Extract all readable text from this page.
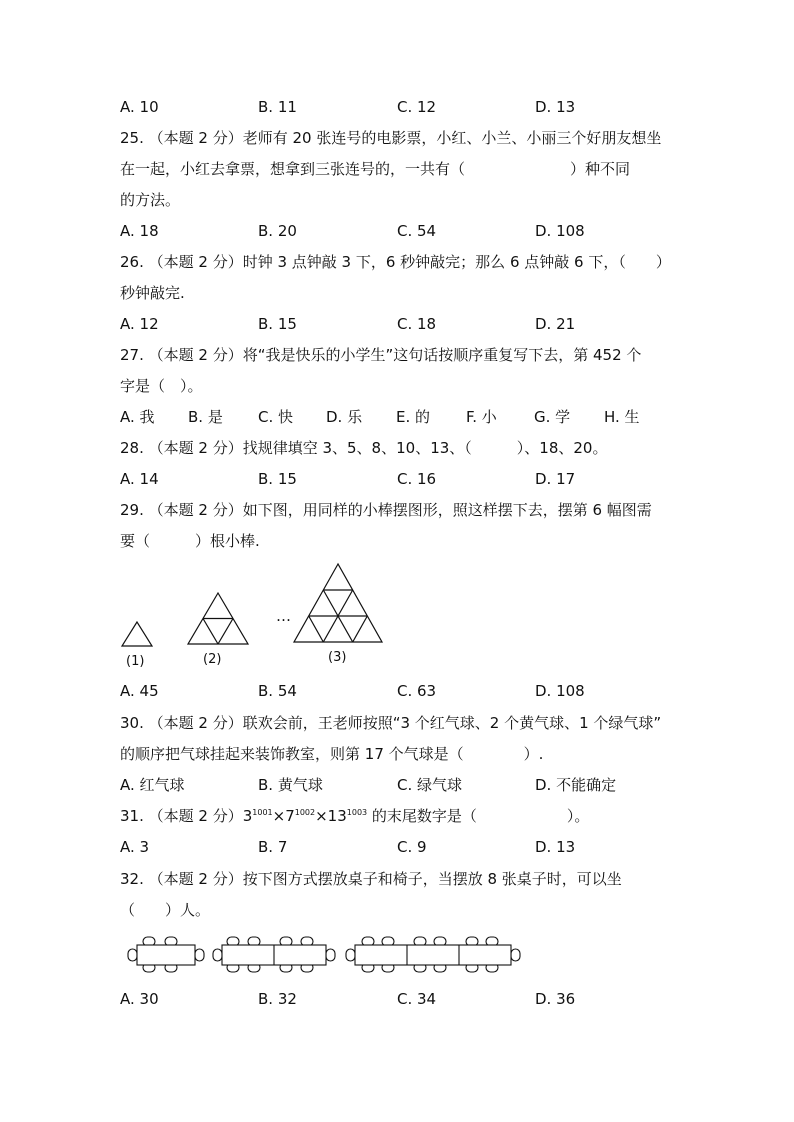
A. 10	B. 11	C. 12	D. 13
25. （本题 2 分）老师有 20 张连号的电影票，小红、小兰、小丽三个好朋友想坐
在一起，小红去拿票，想拿到三张连号的，一共有（　　　　　　　）种不同
的方法。
A. 18	B. 20	C. 54	D. 108
26. （本题 2 分）时钟 3 点钟敲 3 下，6 秒钟敲完；那么 6 点钟敲 6 下，（　　）
秒钟敲完.
A. 12	B. 15	C. 18	D. 21
27. （本题 2 分）将“我是快乐的小学生”这句话按顺序重复写下去，第 452 个
字是（　）。
A. 我 B. 是 C. 快 D. 乐 E. 的 F. 小 G. 学 H. 生
28. （本题 2 分）找规律填空 3、5、8、10、13、（　　　）、18、20。
A. 14	B. 15	C. 16	D. 17
29. （本题 2 分）如下图，用同样的小棒摆图形，照这样摆下去，摆第 6 幅图需
要（　　　）根小棒.
…
(1)	(2)	(3)
A. 45	B. 54	C. 63	D. 108
30. （本题 2 分）联欢会前，王老师按照“3 个红气球、2 个黄气球、1 个绿气球”
的顺序把气球挂起来装饰教室，则第 17 个气球是（　　　　）.
A. 红气球	B. 黄气球	C. 绿气球	D. 不能确定
31. （本题 2 分）$3^{1001}\times 7^{1002}\times 13^{1003}$ 的末尾数字是（　　　　　　）。
A. 3	B. 7	C. 9	D. 13
32. （本题 2 分）按下图方式摆放桌子和椅子，当摆放 8 张桌子时，可以坐
（　　）人。
A. 30	B. 32	C. 34	D. 36
